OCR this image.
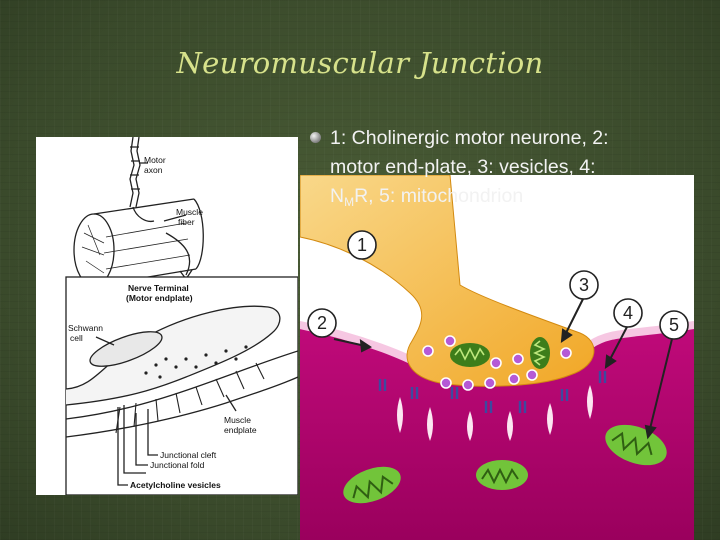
Neuromuscular Junction
Motor
axon
Muscle
fiber
Nerve Terminal
(Motor endplate)
Schwann
cell
Muscle
endplate
Junctional cleft
Junctional fold
Acetylcholine vesicles
1
2
3
4
5
1: Cholinergic motor neurone, 2:
motor end-plate, 3: vesicles, 4:
$N_MR$, 5: mitochondrion
